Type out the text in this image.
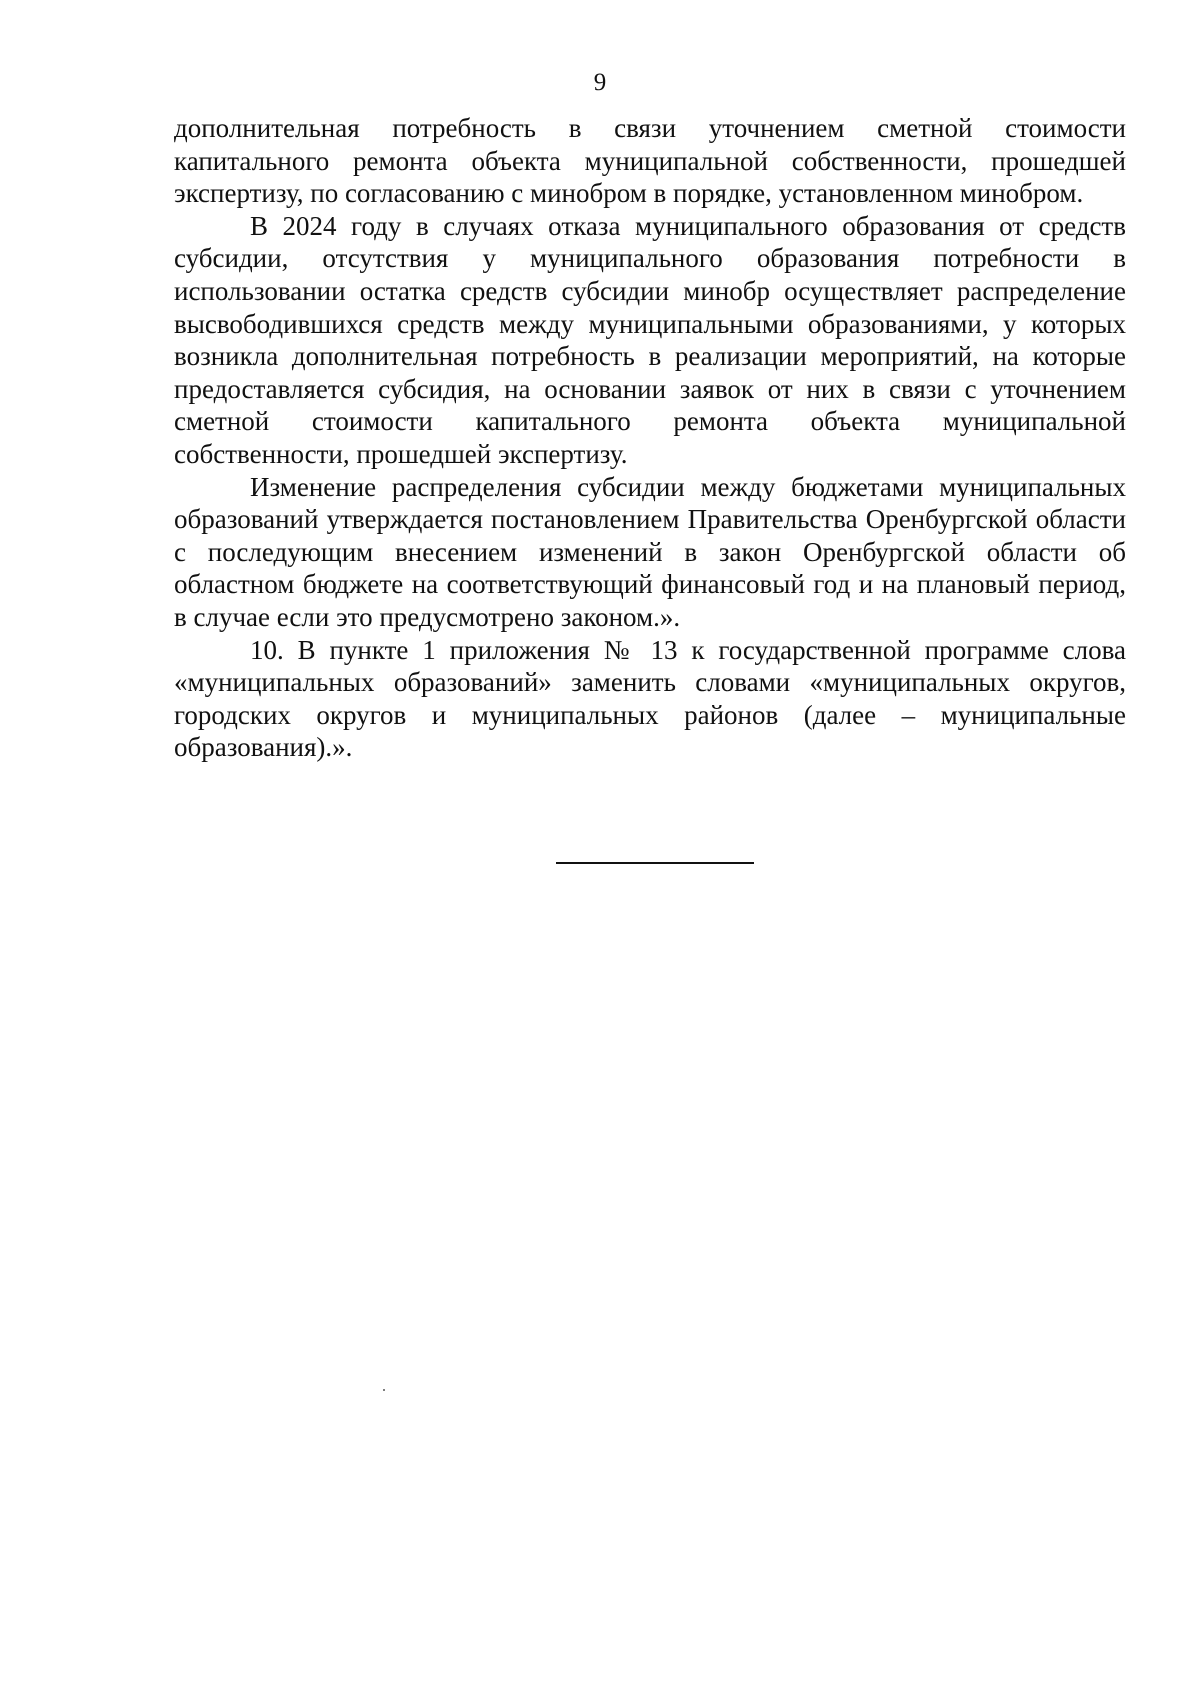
9

дополнительная потребность в связи уточнением сметной стоимости капитального ремонта объекта муниципальной собственности, прошедшей экспертизу, по согласованию с минобром в порядке, установленном минобром.

В 2024 году в случаях отказа муниципального образования от средств субсидии, отсутствия у муниципального образования потребности в использовании остатка средств субсидии минобр осуществляет распределение высвободившихся средств между муниципальными образованиями, у которых возникла дополнительная потребность в реализации мероприятий, на которые предоставляется субсидия, на основании заявок от них в связи с уточнением сметной стоимости капитального ремонта объекта муниципальной собственности, прошедшей экспертизу.

Изменение распределения субсидии между бюджетами муниципальных образований утверждается постановлением Правительства Оренбургской области с последующим внесением изменений в закон Оренбургской области об областном бюджете на соответствующий финансовый год и на плановый период, в случае если это предусмотрено законом.».

10. В пункте 1 приложения № 13 к государственной программе слова «муниципальных образований» заменить словами «муниципальных округов, городских округов и муниципальных районов (далее – муниципальные образования).».
